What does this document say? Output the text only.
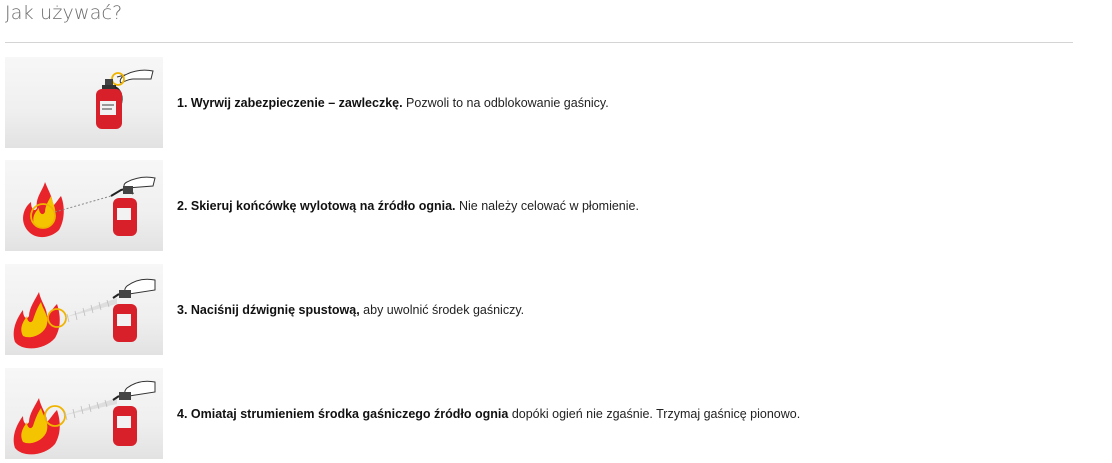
Jak używać?
1. Wyrwij zabezpieczenie – zawleczkę. Pozwoli to na odblokowanie gaśnicy.
2. Skieruj końcówkę wylotową na źródło ognia. Nie należy celować w płomienie.
3. Naciśnij dźwignię spustową, aby uwolnić środek gaśniczy.
4. Omiataj strumieniem środka gaśniczego źródło ognia dopóki ogień nie zgaśnie. Trzymaj gaśnicę pionowo.
